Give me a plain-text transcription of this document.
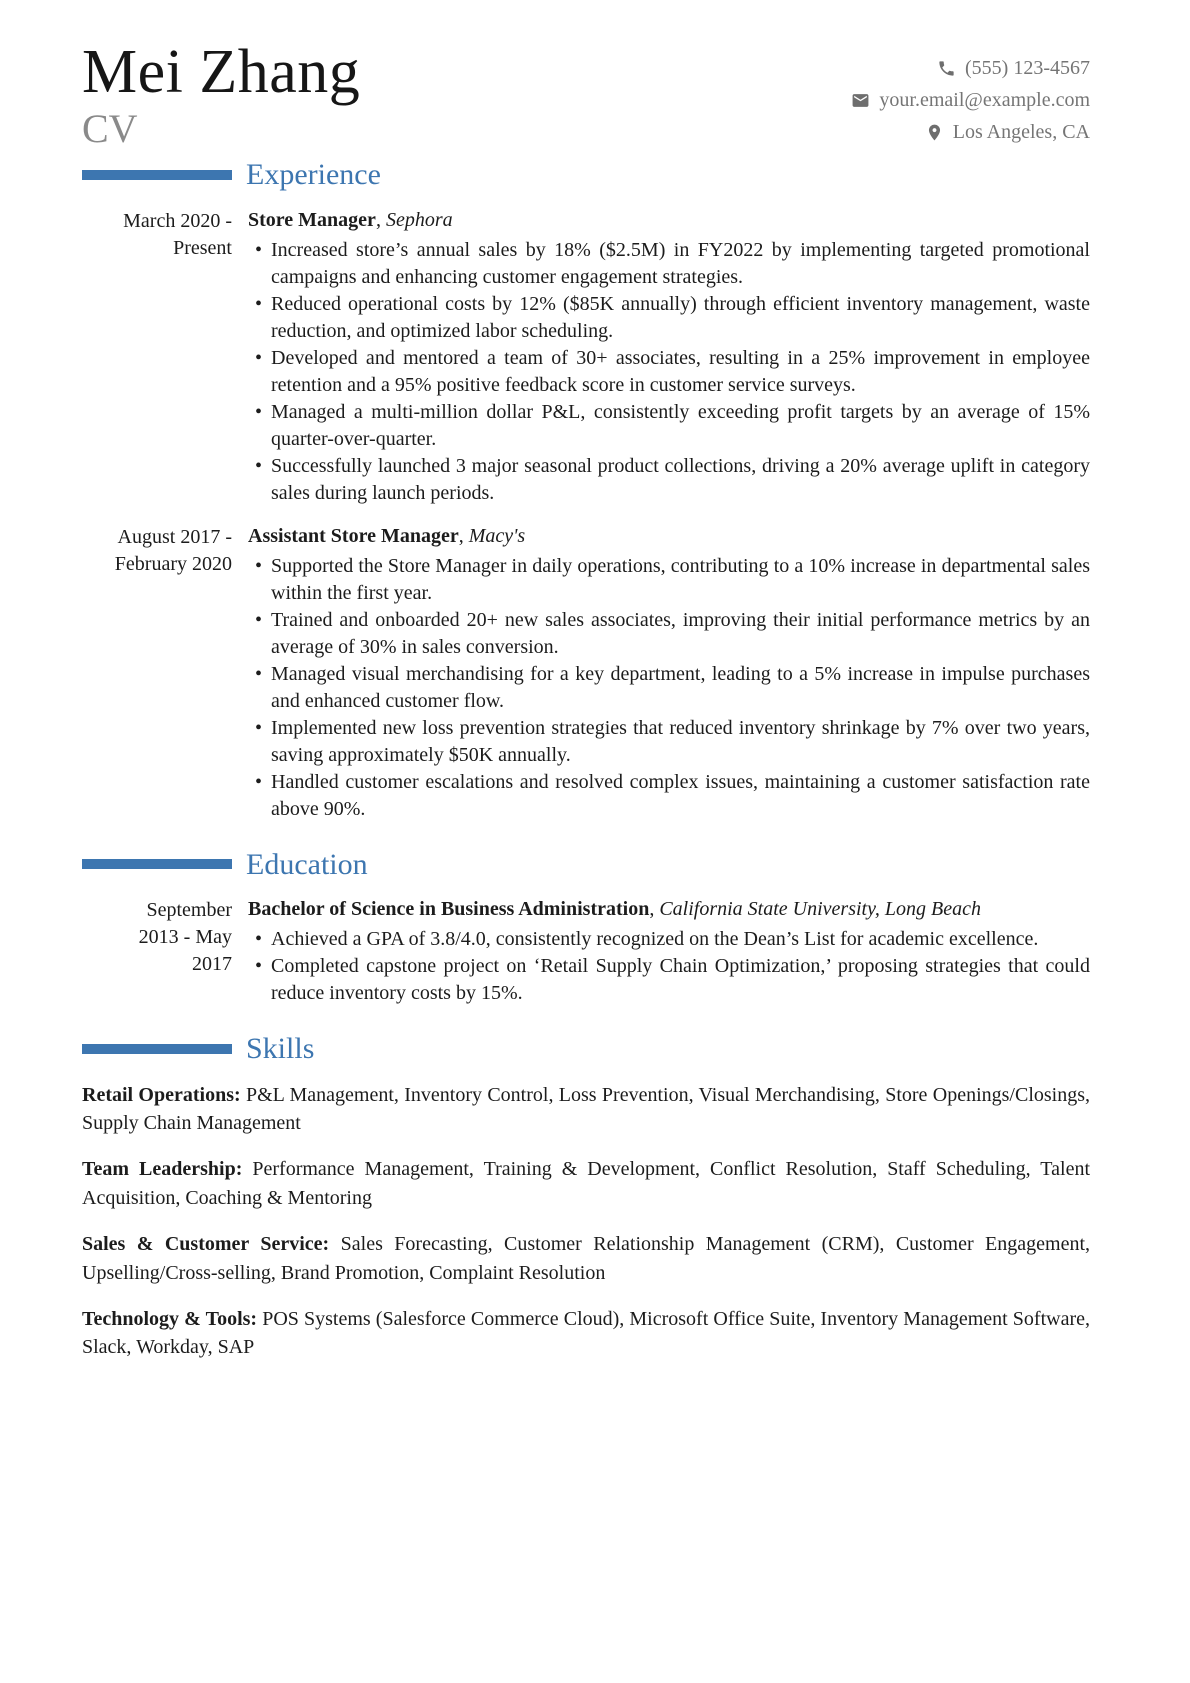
Mei Zhang
CV
(555) 123-4567
your.email@example.com
Los Angeles, CA
Experience
March 2020 - Present
Store Manager, Sephora
• Increased store’s annual sales by 18% ($2.5M) in FY2022 by implementing targeted promotional campaigns and enhancing customer engagement strategies.
• Reduced operational costs by 12% ($85K annually) through efficient inventory management, waste reduction, and optimized labor scheduling.
• Developed and mentored a team of 30+ associates, resulting in a 25% improvement in employee retention and a 95% positive feedback score in customer service surveys.
• Managed a multi-million dollar P&L, consistently exceeding profit targets by an average of 15% quarter-over-quarter.
• Successfully launched 3 major seasonal product collections, driving a 20% average uplift in category sales during launch periods.
August 2017 - February 2020
Assistant Store Manager, Macy's
• Supported the Store Manager in daily operations, contributing to a 10% increase in departmental sales within the first year.
• Trained and onboarded 20+ new sales associates, improving their initial performance metrics by an average of 30% in sales conversion.
• Managed visual merchandising for a key department, leading to a 5% increase in impulse purchases and enhanced customer flow.
• Implemented new loss prevention strategies that reduced inventory shrinkage by 7% over two years, saving approximately $50K annually.
• Handled customer escalations and resolved complex issues, maintaining a customer satisfaction rate above 90%.
Education
September 2013 - May 2017
Bachelor of Science in Business Administration, California State University, Long Beach
• Achieved a GPA of 3.8/4.0, consistently recognized on the Dean’s List for academic excellence.
• Completed capstone project on ‘Retail Supply Chain Optimization,’ proposing strategies that could reduce inventory costs by 15%.
Skills

Retail Operations: P&L Management, Inventory Control, Loss Prevention, Visual Merchandising, Store Openings/Closings, Supply Chain Management

Team Leadership: Performance Management, Training & Development, Conflict Resolution, Staff Scheduling, Talent Acquisition, Coaching & Mentoring

Sales & Customer Service: Sales Forecasting, Customer Relationship Management (CRM), Customer Engagement, Upselling/Cross-selling, Brand Promotion, Complaint Resolution

Technology & Tools: POS Systems (Salesforce Commerce Cloud), Microsoft Office Suite, Inventory Management Software, Slack, Workday, SAP
